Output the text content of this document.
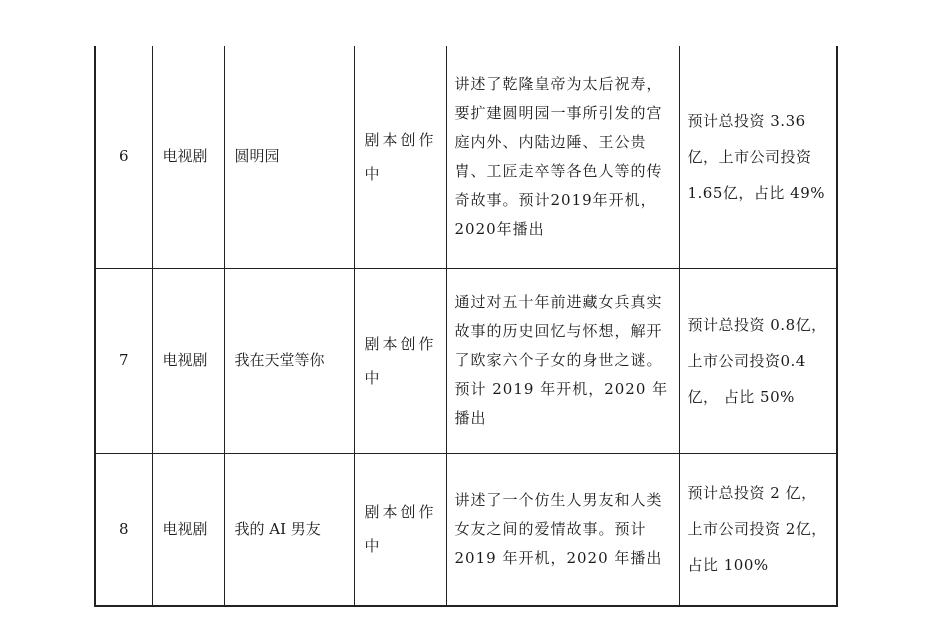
6	电视剧	圆明园	剧本创作中	讲述了乾隆皇帝为太后祝寿，要扩建圆明园一事所引发的宫庭内外、内陆边陲、王公贵胄、工匠走卒等各色人等的传奇故事。预计2019年开机，2020年播出	预计总投资 3.36亿，上市公司投资1.65亿，占比 49%
7	电视剧	我在天堂等你	剧本创作中	通过对五十年前进藏女兵真实故事的历史回忆与怀想，解开了欧家六个子女的身世之谜。预计 2019 年开机，2020 年播出	预计总投资 0.8亿，上市公司投资0.4 亿， 占比 50%
8	电视剧	我的 AI 男友	剧本创作中	讲述了一个仿生人男友和人类女友之间的爱情故事。预计 2019 年开机，2020 年播出	预计总投资 2 亿，上市公司投资 2亿， 占比 100%
